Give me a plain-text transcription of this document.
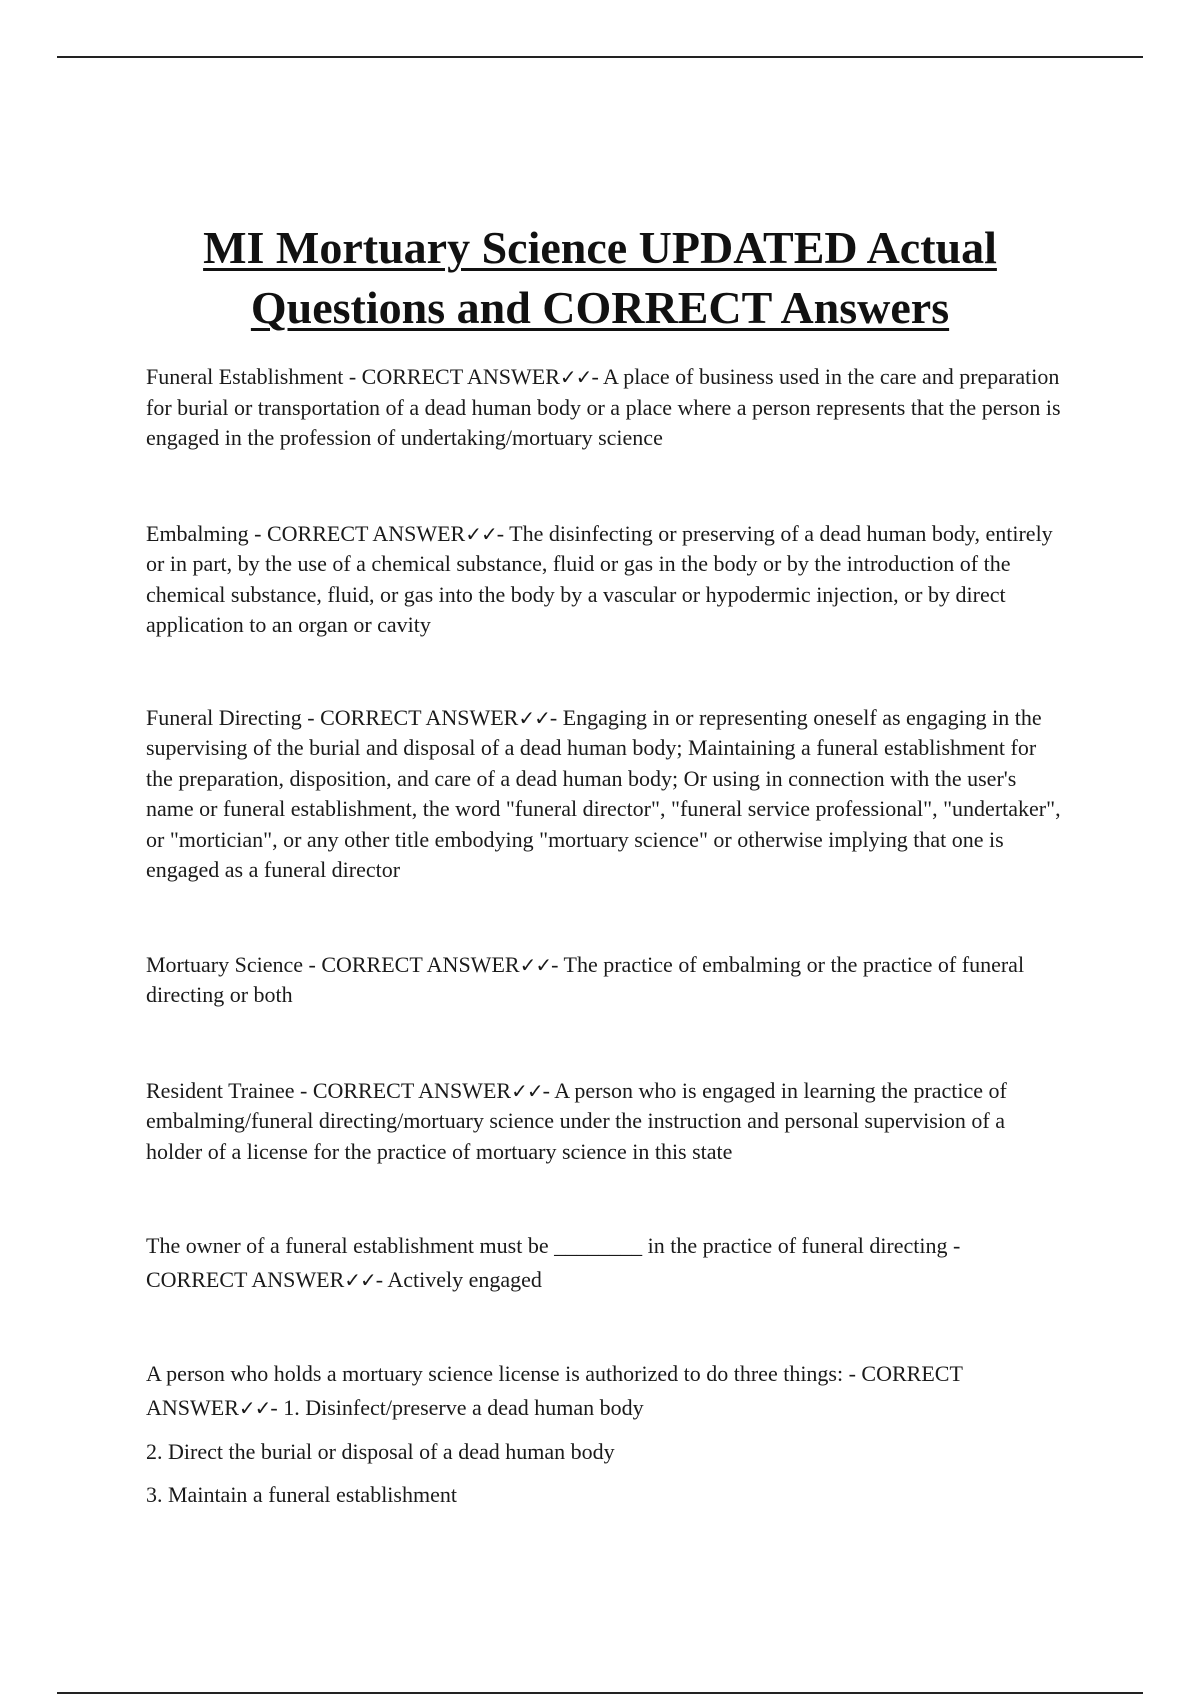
MI Mortuary Science UPDATED Actual
Questions and CORRECT Answers

Funeral Establishment - CORRECT ANSWER✓✓- A place of business used in the care and preparation for burial or transportation of a dead human body or a place where a person represents that the person is engaged in the profession of undertaking/mortuary science

Embalming - CORRECT ANSWER✓✓- The disinfecting or preserving of a dead human body, entirely or in part, by the use of a chemical substance, fluid or gas in the body or by the introduction of the chemical substance, fluid, or gas into the body by a vascular or hypodermic injection, or by direct application to an organ or cavity

Funeral Directing - CORRECT ANSWER✓✓- Engaging in or representing oneself as engaging in the supervising of the burial and disposal of a dead human body; Maintaining a funeral establishment for the preparation, disposition, and care of a dead human body; Or using in connection with the user's name or funeral establishment, the word "funeral director", "funeral service professional", "undertaker", or "mortician", or any other title embodying "mortuary science" or otherwise implying that one is engaged as a funeral director

Mortuary Science - CORRECT ANSWER✓✓- The practice of embalming or the practice of funeral directing or both

Resident Trainee - CORRECT ANSWER✓✓- A person who is engaged in learning the practice of embalming/funeral directing/mortuary science under the instruction and personal supervision of a holder of a license for the practice of mortuary science in this state

The owner of a funeral establishment must be ________ in the practice of funeral directing - CORRECT ANSWER✓✓- Actively engaged

A person who holds a mortuary science license is authorized to do three things: - CORRECT ANSWER✓✓- 1. Disinfect/preserve a dead human body

2. Direct the burial or disposal of a dead human body

3. Maintain a funeral establishment
